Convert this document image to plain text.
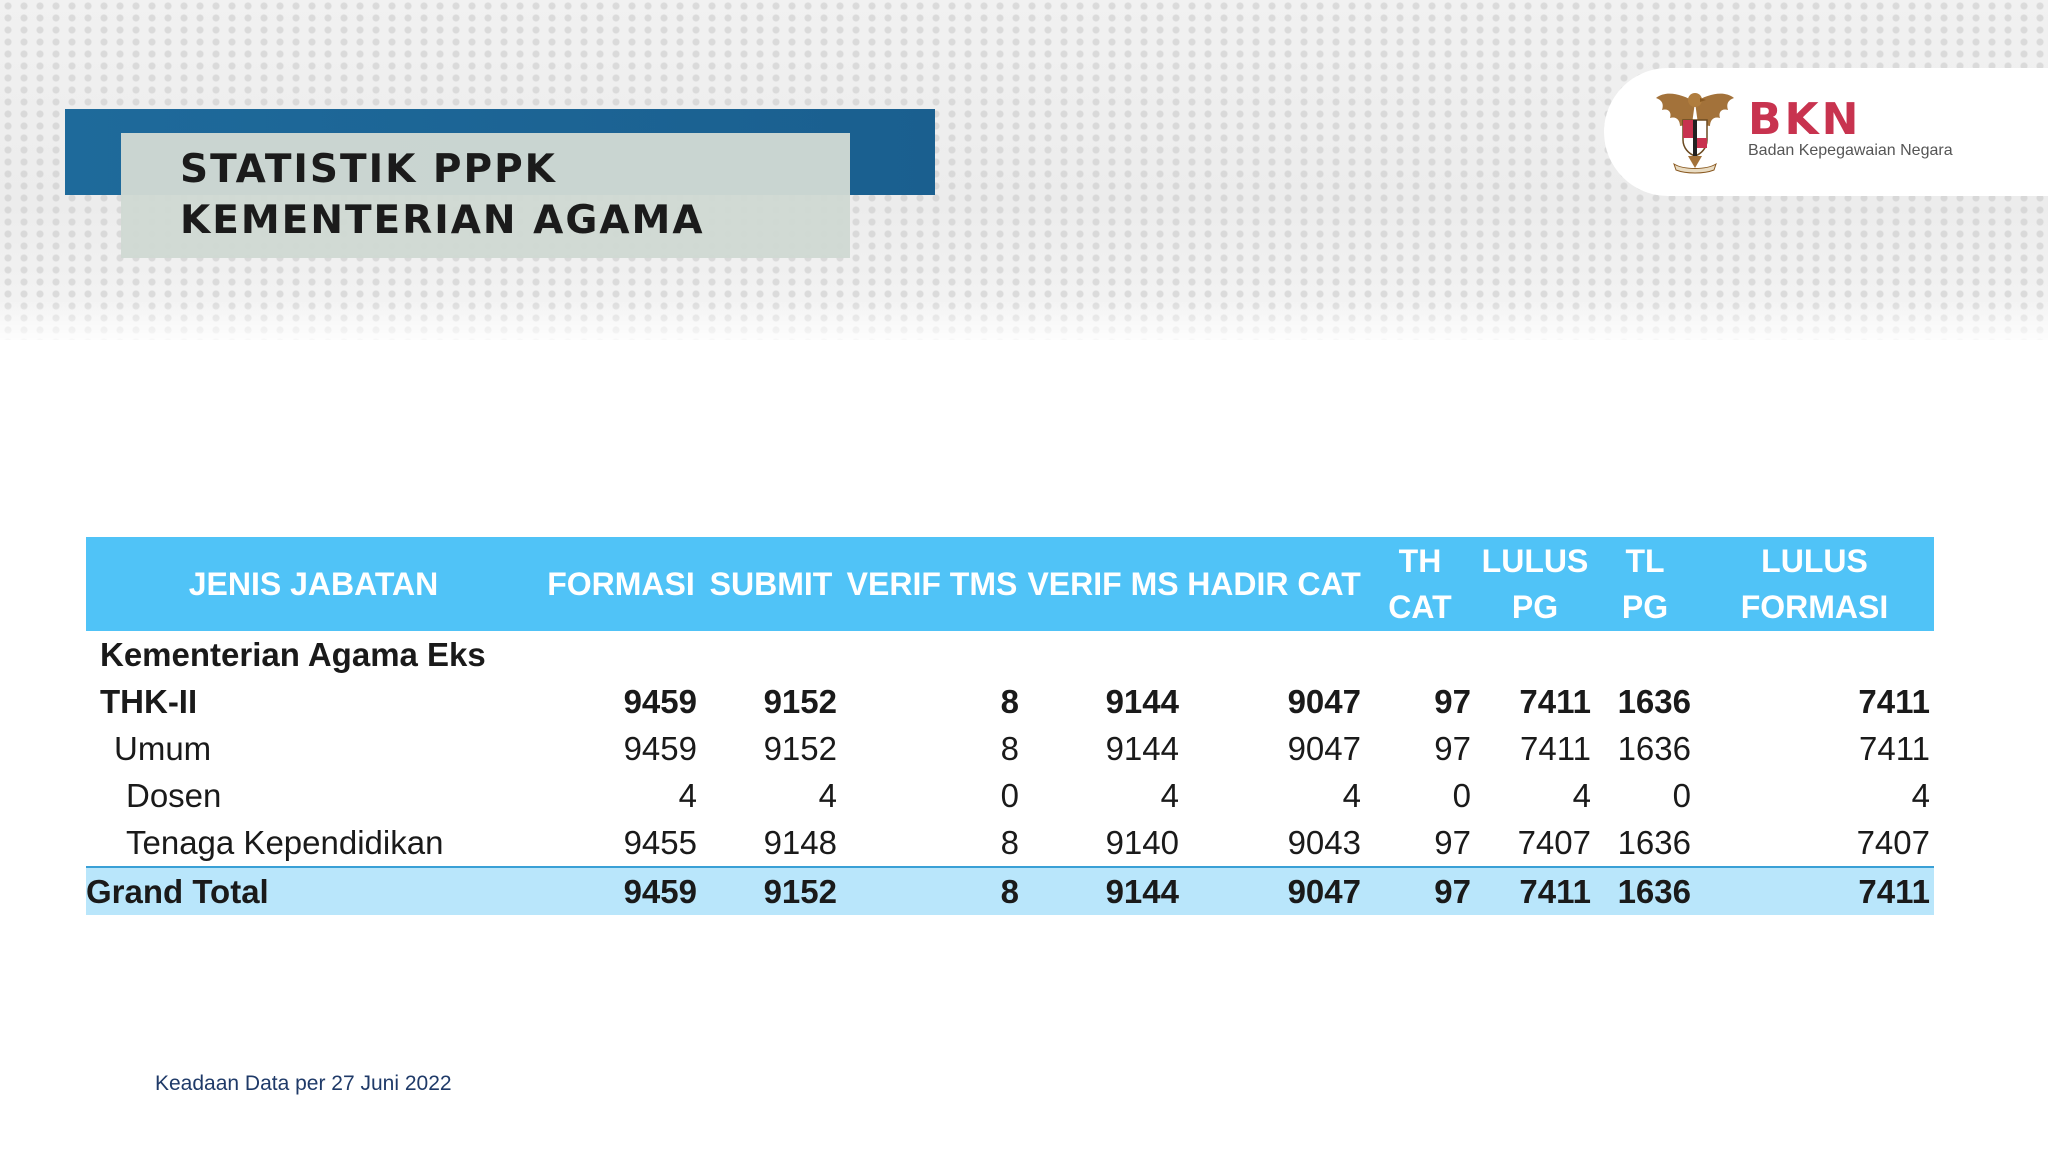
STATISTIK PPPK
KEMENTERIAN AGAMA
BKN
Badan Kepegawaian Negara
JENIS JABATAN	FORMASI	SUBMIT	VERIF TMS	VERIF MS	HADIR CAT	TH CAT	LULUS PG	TL PG	LULUS FORMASI
Kementerian Agama Eks									
THK-II	9459	9152	8	9144	9047	97	7411	1636	7411
Umum	9459	9152	8	9144	9047	97	7411	1636	7411
Dosen	4	4	0	4	4	0	4	0	4
Tenaga Kependidikan	9455	9148	8	9140	9043	97	7407	1636	7407
Grand Total	9459	9152	8	9144	9047	97	7411	1636	7411
Keadaan Data per 27 Juni 2022
